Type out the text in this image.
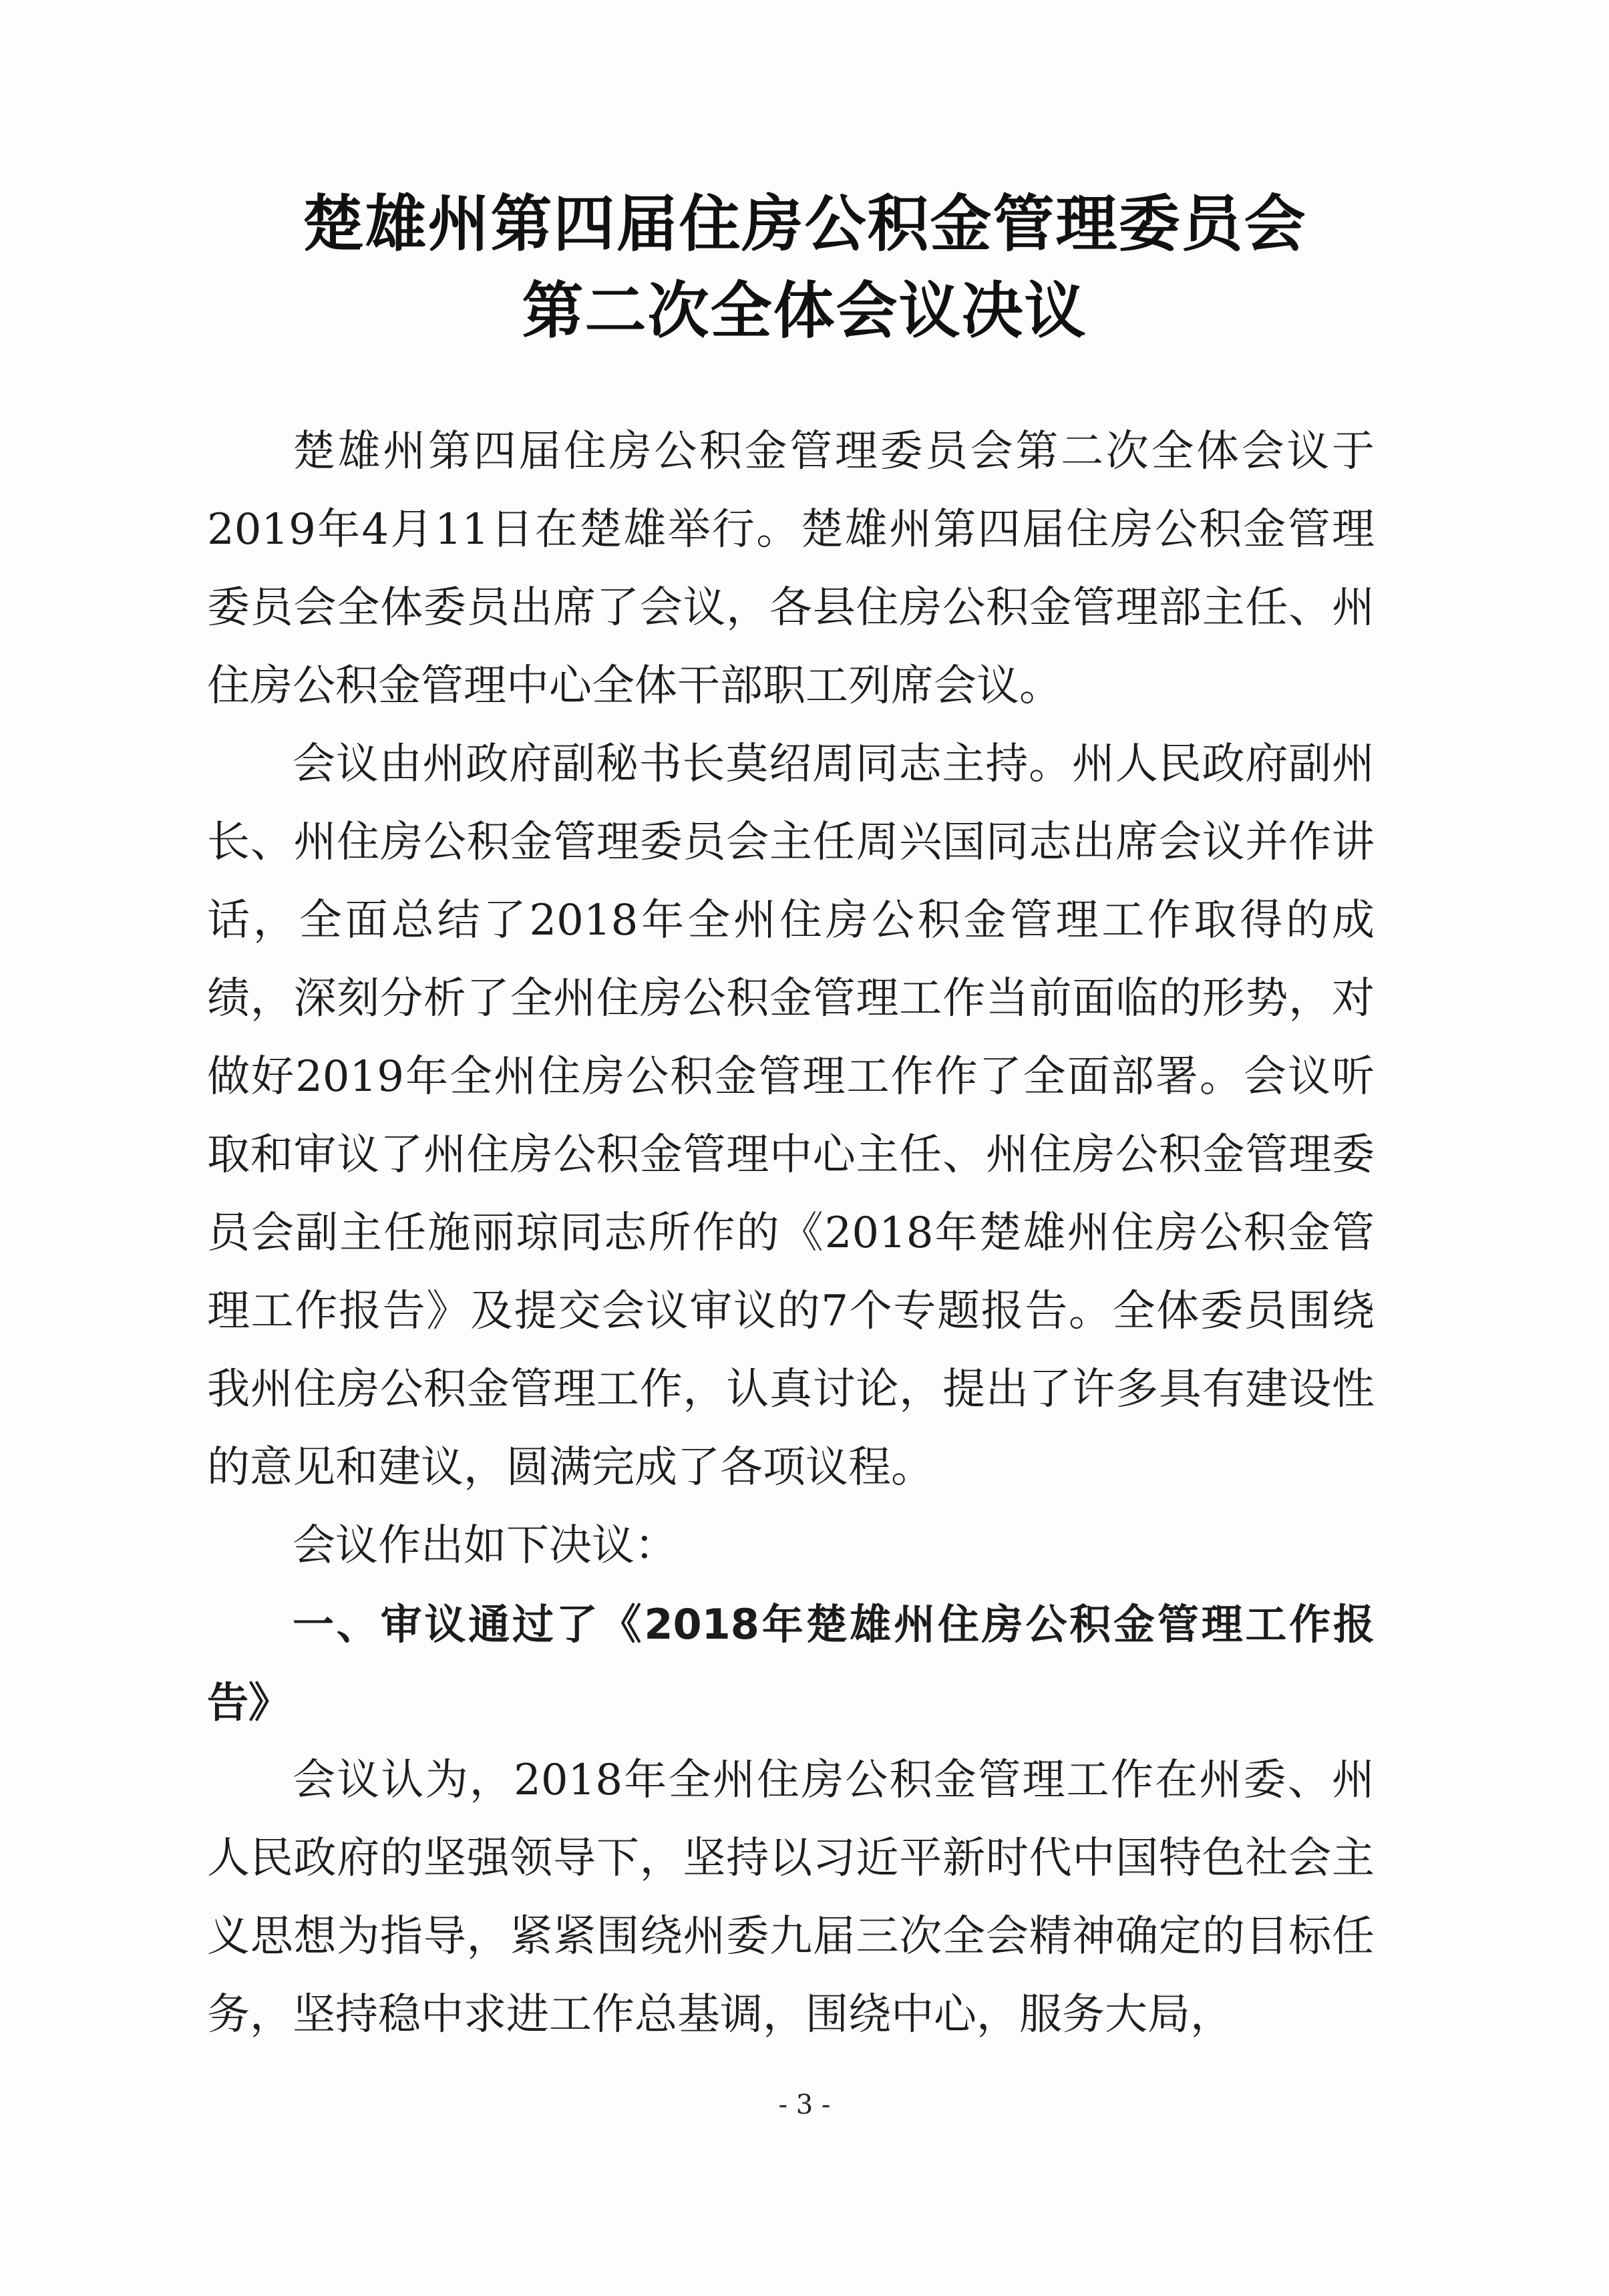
楚雄州第四届住房公积金管理委员会
第二次全体会议决议

楚雄州第四届住房公积金管理委员会第二次全体会议于2019年4月11日在楚雄举行。楚雄州第四届住房公积金管理委员会全体委员出席了会议，各县住房公积金管理部主任、州住房公积金管理中心全体干部职工列席会议。

会议由州政府副秘书长莫绍周同志主持。州人民政府副州长、州住房公积金管理委员会主任周兴国同志出席会议并作讲话，全面总结了2018年全州住房公积金管理工作取得的成绩，深刻分析了全州住房公积金管理工作当前面临的形势，对做好2019年全州住房公积金管理工作作了全面部署。会议听取和审议了州住房公积金管理中心主任、州住房公积金管理委员会副主任施丽琼同志所作的《2018年楚雄州住房公积金管理工作报告》及提交会议审议的7个专题报告。全体委员围绕我州住房公积金管理工作，认真讨论，提出了许多具有建设性的意见和建议，圆满完成了各项议程。

会议作出如下决议：

一、审议通过了《2018年楚雄州住房公积金管理工作报告》

会议认为，2018年全州住房公积金管理工作在州委、州人民政府的坚强领导下，坚持以习近平新时代中国特色社会主义思想为指导，紧紧围绕州委九届三次全会精神确定的目标任务，坚持稳中求进工作总基调，围绕中心，服务大局，

- 3 -
